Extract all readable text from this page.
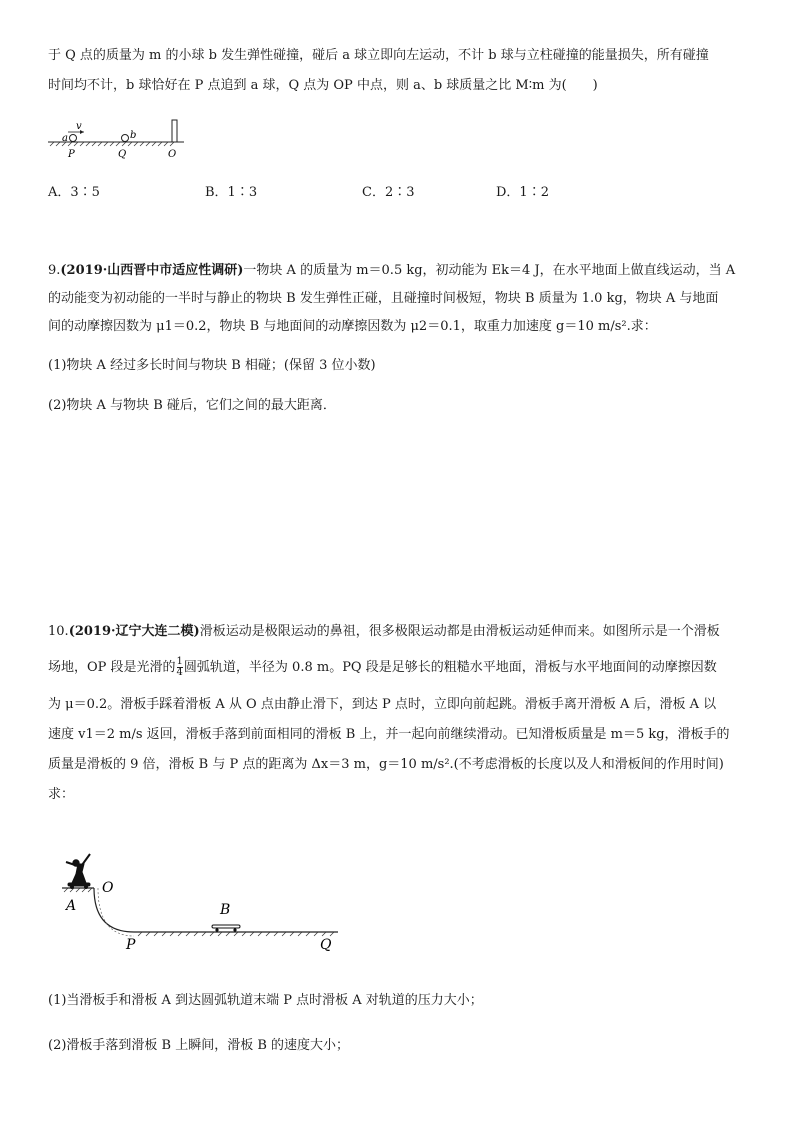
于 Q 点的质量为 m 的小球 b 发生弹性碰撞，碰后 a 球立即向左运动，不计 b 球与立柱碰撞的能量损失，所有碰撞
时间均不计，b 球恰好在 P 点追到 a 球，Q 点为 OP 中点，则 a、b 球质量之比 M∶m 为(　　)
a
v
b
P	Q	O
A．3∶5	B．1∶3	C．2∶3	D．1∶2
9.(2019·山西晋中市适应性调研)一物块 A 的质量为 m＝0.5 kg，初动能为 Ek＝4 J，在水平地面上做直线运动，当 A
的动能变为初动能的一半时与静止的物块 B 发生弹性正碰，且碰撞时间极短，物块 B 质量为 1.0 kg，物块 A 与地面
间的动摩擦因数为 μ1＝0.2，物块 B 与地面间的动摩擦因数为 μ2＝0.1，取重力加速度 g＝10 m/s².求：
(1)物块 A 经过多长时间与物块 B 相碰；(保留 3 位小数)
(2)物块 A 与物块 B 碰后，它们之间的最大距离．
10.(2019·辽宁大连二模)滑板运动是极限运动的鼻祖，很多极限运动都是由滑板运动延伸而来。如图所示是一个滑板
场地，OP 段是光滑的 $\frac{1}{4}$ 圆弧轨道，半径为 0.8 m。PQ 段是足够长的粗糙水平地面，滑板与水平地面间的动摩擦因数
为 μ＝0.2。滑板手踩着滑板 A 从 O 点由静止滑下，到达 P 点时，立即向前起跳。滑板手离开滑板 A 后，滑板 A 以
速度 v1＝2 m/s 返回，滑板手落到前面相同的滑板 B 上，并一起向前继续滑动。已知滑板质量是 m＝5 kg，滑板手的
质量是滑板的 9 倍，滑板 B 与 P 点的距离为 Δx＝3 m，g＝10 m/s².(不考虑滑板的长度以及人和滑板间的作用时间)
求：
O
A	B
P	Q
(1)当滑板手和滑板 A 到达圆弧轨道末端 P 点时滑板 A 对轨道的压力大小；
(2)滑板手落到滑板 B 上瞬间，滑板 B 的速度大小；
